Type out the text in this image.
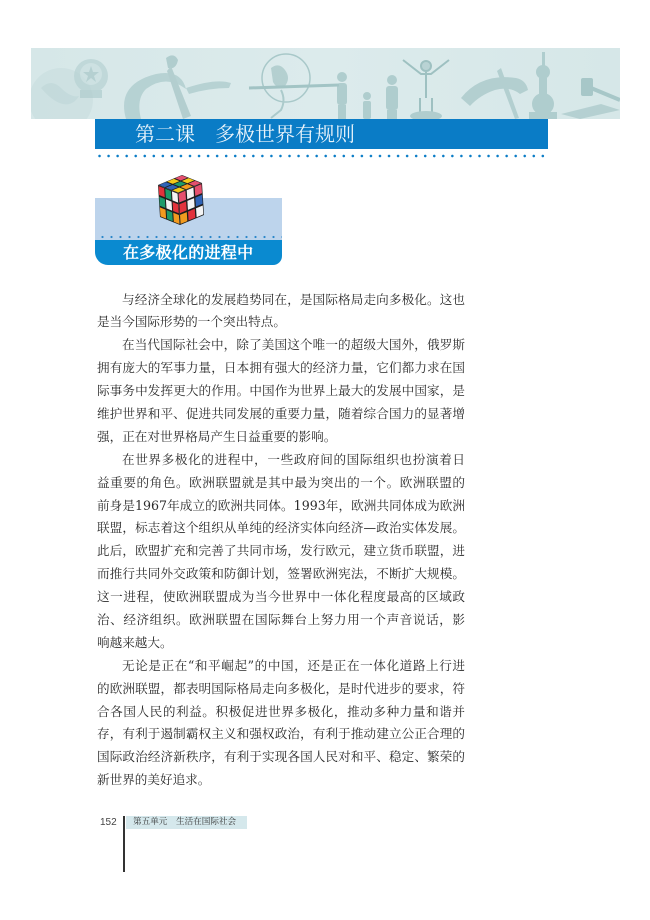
第二课　多极世界有规则
在多极化的进程中
与经济全球化的发展趋势同在，是国际格局走向多极化。这也
是当今国际形势的一个突出特点。
在当代国际社会中，除了美国这个唯一的超级大国外，俄罗斯
拥有庞大的军事力量，日本拥有强大的经济力量，它们都力求在国
际事务中发挥更大的作用。中国作为世界上最大的发展中国家，是
维护世界和平、促进共同发展的重要力量，随着综合国力的显著增
强，正在对世界格局产生日益重要的影响。
在世界多极化的进程中，一些政府间的国际组织也扮演着日
益重要的角色。欧洲联盟就是其中最为突出的一个。欧洲联盟的
前身是1967年成立的欧洲共同体。1993年，欧洲共同体成为欧洲
联盟，标志着这个组织从单纯的经济实体向经济—政治实体发展。
此后，欧盟扩充和完善了共同市场，发行欧元，建立货币联盟，进
而推行共同外交政策和防御计划，签署欧洲宪法，不断扩大规模。
这一进程，使欧洲联盟成为当今世界中一体化程度最高的区域政
治、经济组织。欧洲联盟在国际舞台上努力用一个声音说话，影
响越来越大。
无论是正在“和平崛起”的中国，还是正在一体化道路上行进
的欧洲联盟，都表明国际格局走向多极化，是时代进步的要求，符
合各国人民的利益。积极促进世界多极化，推动多种力量和谐并
存，有利于遏制霸权主义和强权政治，有利于推动建立公正合理的
国际政治经济新秩序，有利于实现各国人民对和平、稳定、繁荣的
新世界的美好追求。
152 第五单元　生活在国际社会
